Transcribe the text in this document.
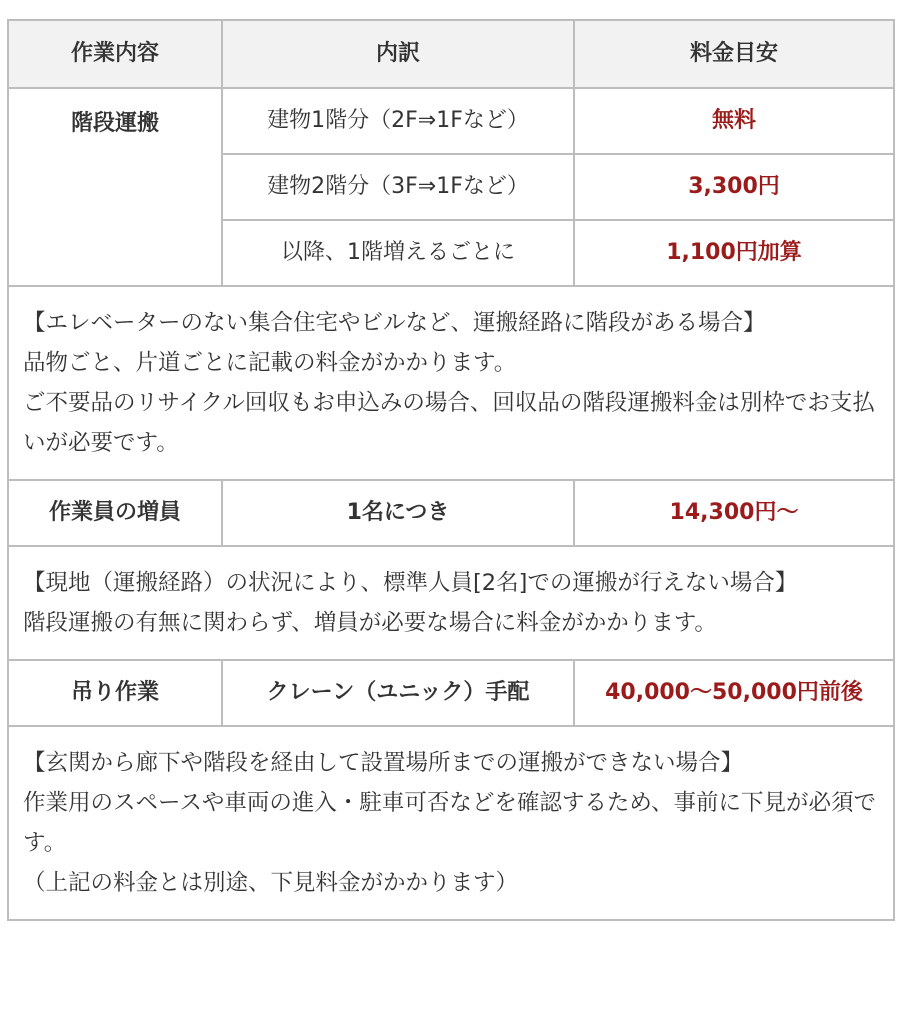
作業内容	内訳	料金目安
階段運搬	建物1階分（2F⇒1Fなど）	無料
	建物2階分（3F⇒1Fなど）	3,300円
	以降、1階増えるごとに	1,100円加算

【エレベーターのない集合住宅やビルなど、運搬経路に階段がある場合】
品物ごと、片道ごとに記載の料金がかかります。
ご不要品のリサイクル回収もお申込みの場合、回収品の階段運搬料金は別枠でお支払いが必要です。		

作業員の増員	1名につき	14,300円〜

【現地（運搬経路）の状況により、標準人員[2名]での運搬が行えない場合】
階段運搬の有無に関わらず、増員が必要な場合に料金がかかります。		

吊り作業	クレーン（ユニック）手配	40,000〜50,000円前後

【玄関から廊下や階段を経由して設置場所までの運搬ができない場合】
作業用のスペースや車両の進入・駐車可否などを確認するため、事前に下見が必須です。
（上記の料金とは別途、下見料金がかかります）		
